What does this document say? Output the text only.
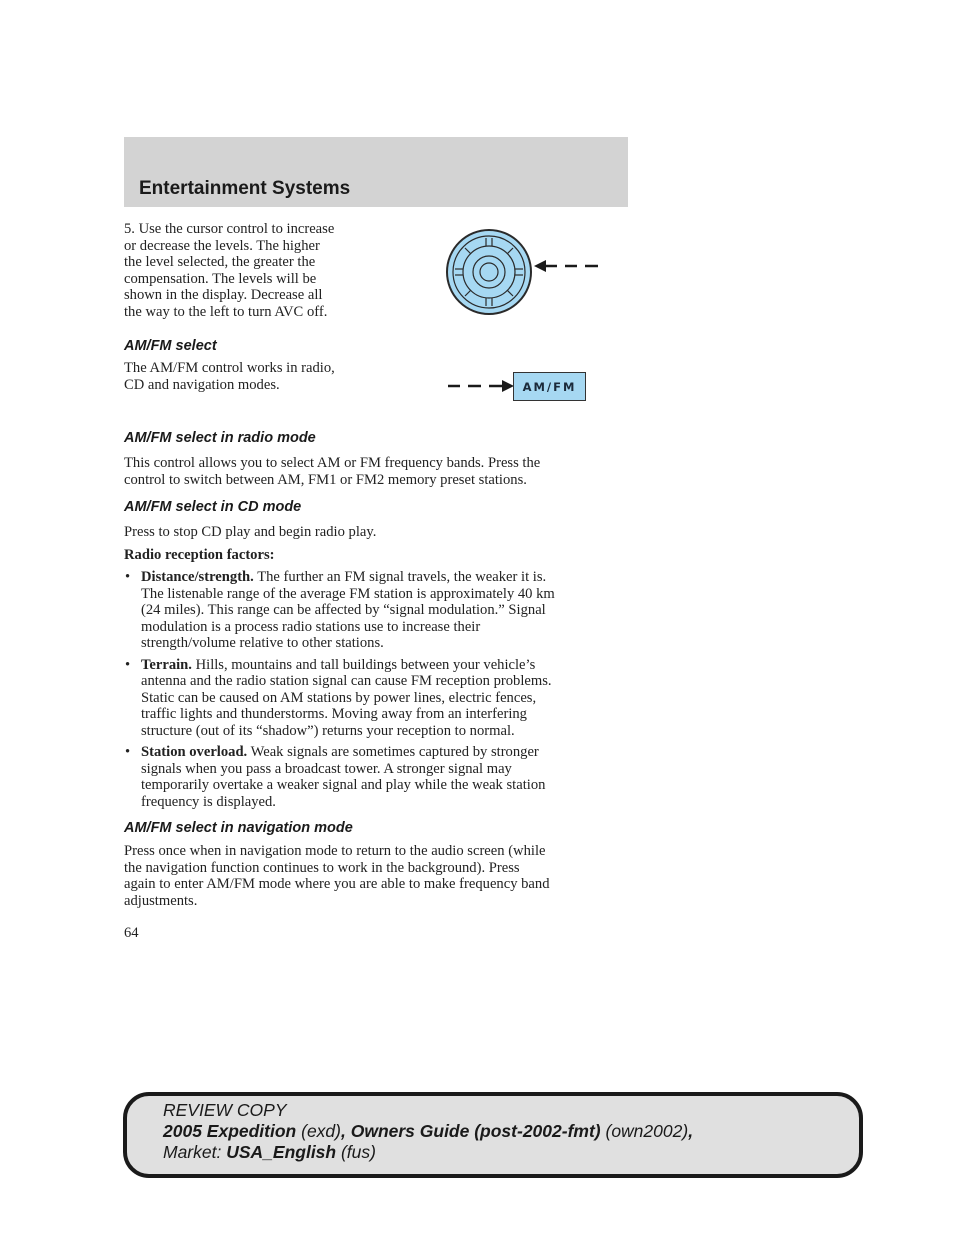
Entertainment Systems
5. Use the cursor control to increase
or decrease the levels. The higher
the level selected, the greater the
compensation. The levels will be
shown in the display. Decrease all
the way to the left to turn AVC off.
AM/FM select
The AM/FM control works in radio,
CD and navigation modes.	AM/FM
AM/FM select in radio mode
This control allows you to select AM or FM frequency bands. Press the
control to switch between AM, FM1 or FM2 memory preset stations.
AM/FM select in CD mode

Press to stop CD play and begin radio play.

Radio reception factors:

• Distance/strength. The further an FM signal travels, the weaker it is.
The listenable range of the average FM station is approximately 40 km
(24 miles). This range can be affected by “signal modulation.” Signal
modulation is a process radio stations use to increase their
strength/volume relative to other stations.
• Terrain. Hills, mountains and tall buildings between your vehicle’s
antenna and the radio station signal can cause FM reception problems.
Static can be caused on AM stations by power lines, electric fences,
traffic lights and thunderstorms. Moving away from an interfering
structure (out of its “shadow”) returns your reception to normal.
• Station overload. Weak signals are sometimes captured by stronger
signals when you pass a broadcast tower. A stronger signal may
temporarily overtake a weaker signal and play while the weak station
frequency is displayed.
AM/FM select in navigation mode
Press once when in navigation mode to return to the audio screen (while
the navigation function continues to work in the background). Press
again to enter AM/FM mode where you are able to make frequency band
adjustments.

64

REVIEW COPY
2005 Expedition (exd), Owners Guide (post-2002-fmt) (own2002),
Market: USA_English (fus)
